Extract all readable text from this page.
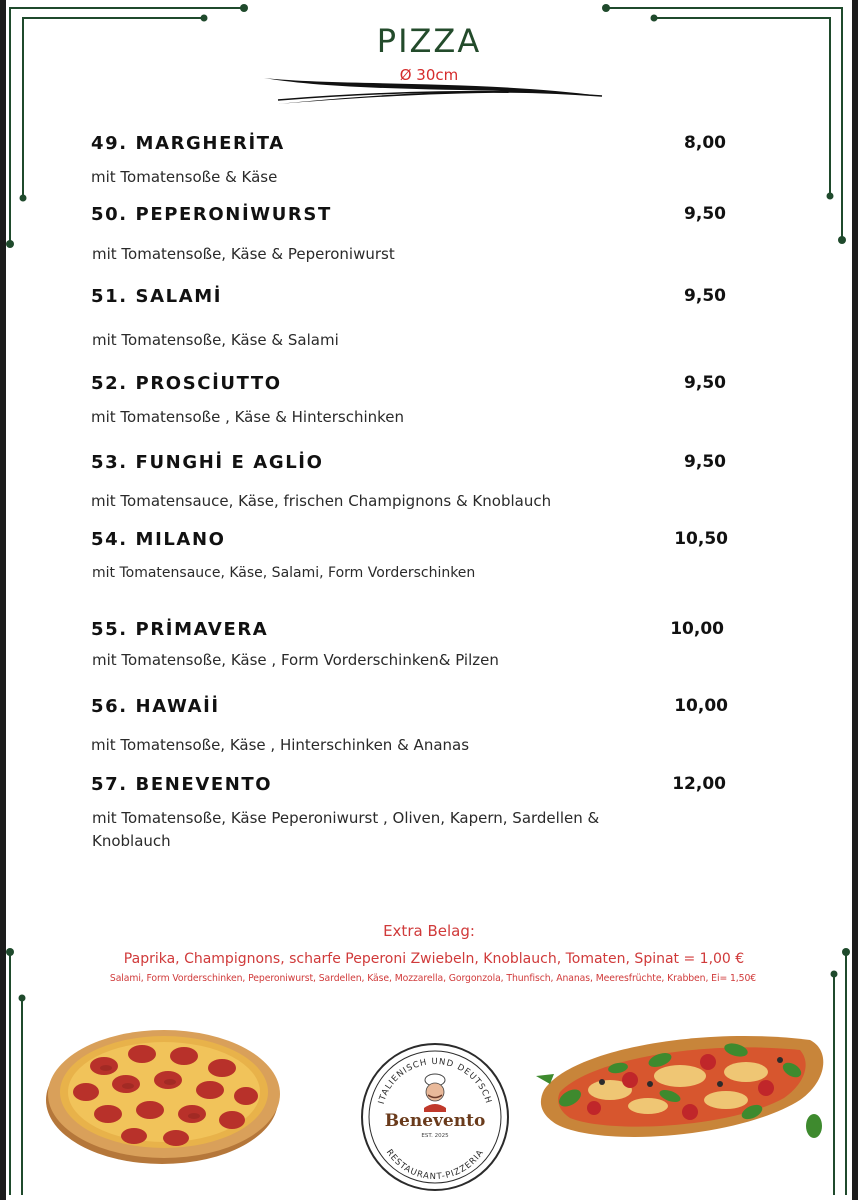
PIZZA
Ø 30cm
49. MARGHERİTA	8,00
mit Tomatensoße & Käse
50. PEPERONİWURST	9,50
mit Tomatensoße, Käse & Peperoniwurst
51. SALAMİ	9,50
mit Tomatensoße, Käse & Salami
52. PROSCİUTTO	9,50
mit Tomatensoße , Käse & Hinterschinken
53. FUNGHİ E AGLİO	9,50
mit Tomatensauce, Käse, frischen Champignons & Knoblauch
54. MILANO	10,50
mit Tomatensauce, Käse, Salami, Form Vorderschinken
55. PRİMAVERA	10,00
mit Tomatensoße, Käse , Form Vorderschinken& Pilzen
56. HAWAİİ	10,00
mit Tomatensoße, Käse , Hinterschinken & Ananas
57. BENEVENTO	12,00
mit Tomatensoße, Käse Peperoniwurst , Oliven, Kapern, Sardellen & Knoblauch
Extra Belag:
Paprika, Champignons, scharfe Peperoni Zwiebeln, Knoblauch, Tomaten, Spinat = 1,00 €
Salami, Form Vorderschinken, Peperoniwurst, Sardellen, Käse, Mozzarella, Gorgonzola, Thunfisch, Ananas, Meeresfrüchte, Krabben, Ei= 1,50€
ITALIENISCH UND DEUTSCH
RESTAURANT-PIZZERIA
Benevento
EST. 2025
